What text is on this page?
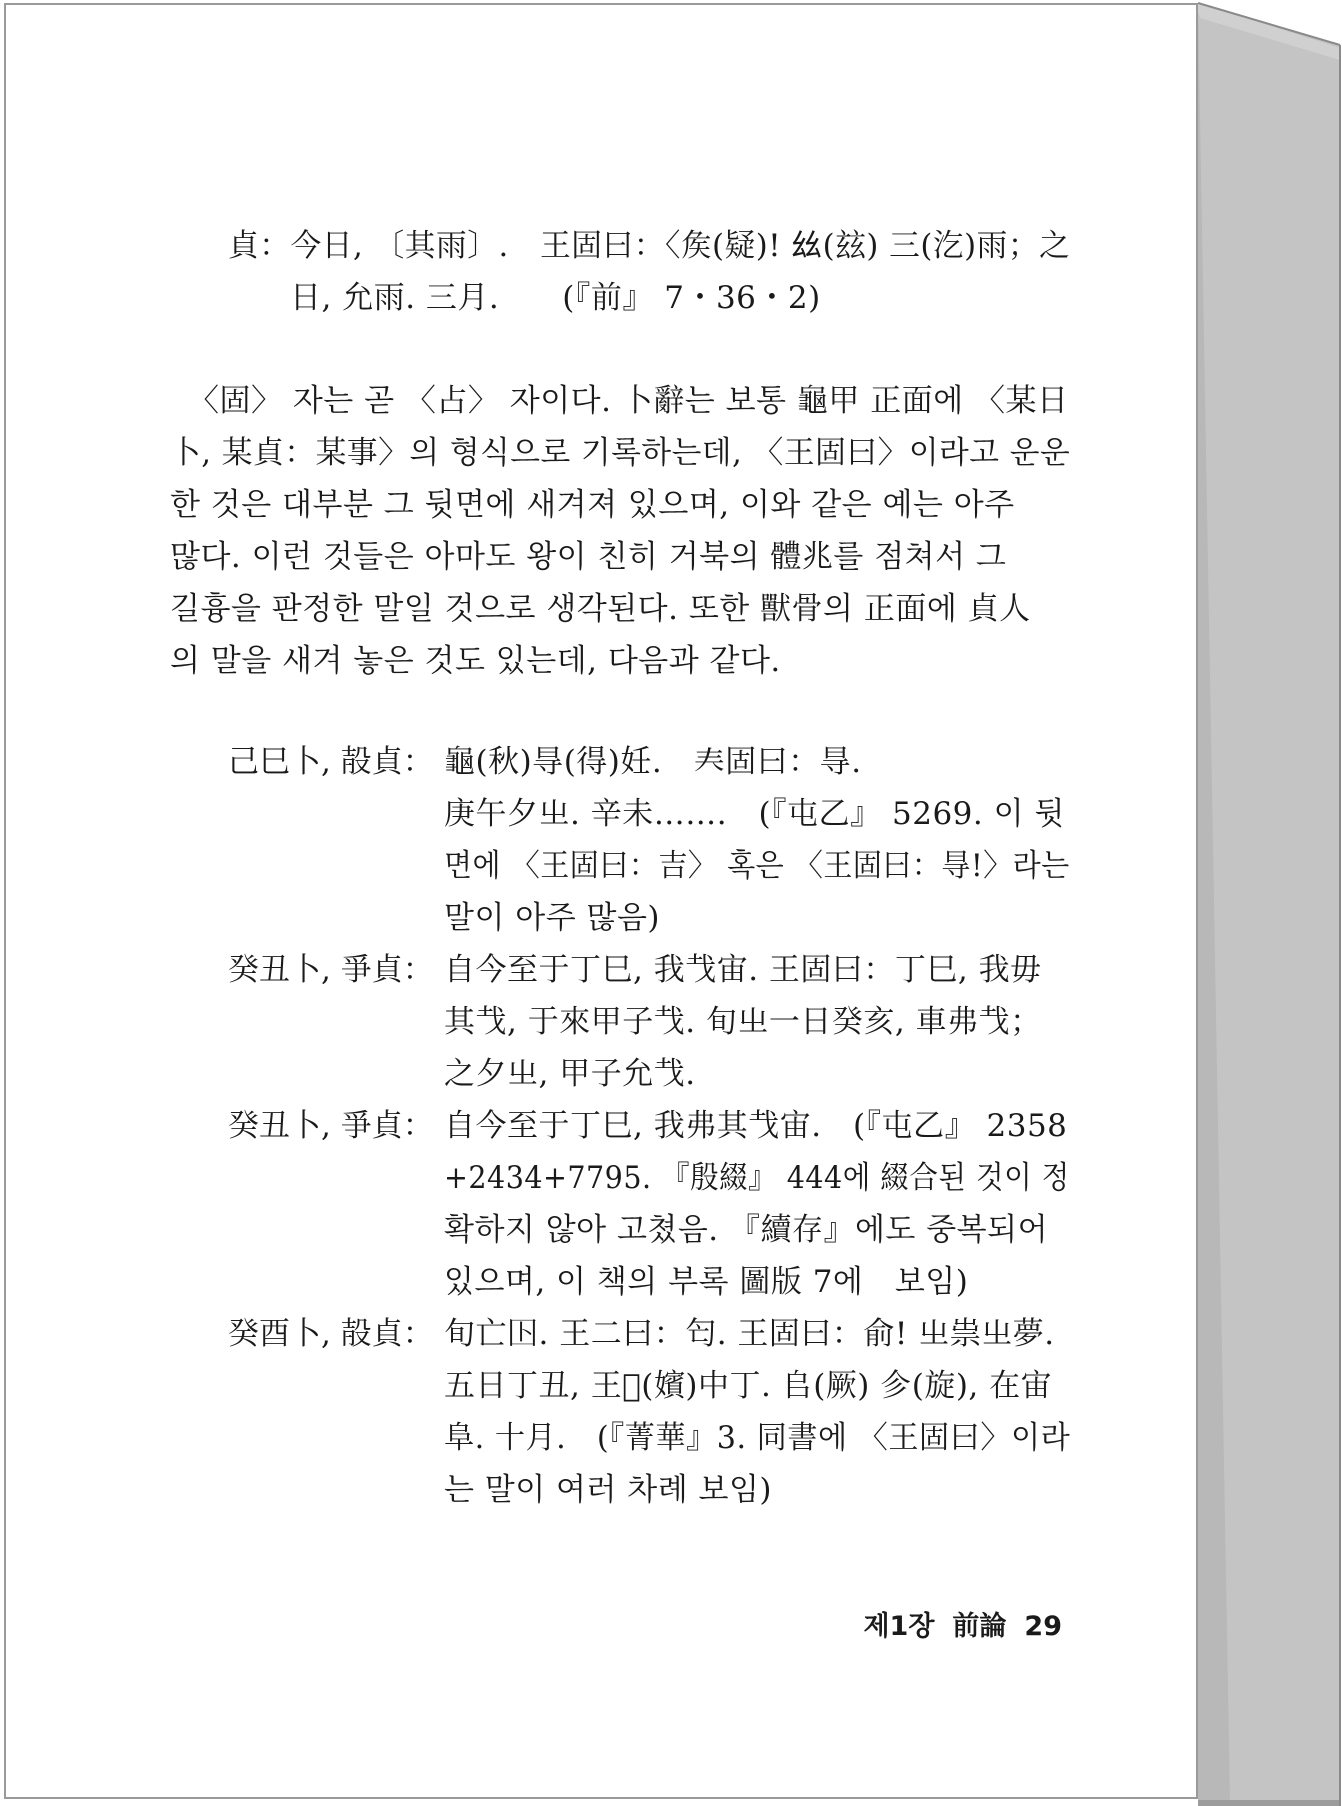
貞：今日, 〔其雨〕.　王固曰：〈矦(疑)! 𢆶(玆) 三(汔)雨；之
日, 允雨. 三月.　　(『前』 7・36・2)
〈固〉 자는 곧 〈占〉 자이다. 卜辭는 보통 龜甲 正面에 〈某日
卜, 某貞：某事〉의 형식으로 기록하는데, 〈王固曰〉이라고 운운
한 것은 대부분 그 뒷면에 새겨져 있으며, 이와 같은 예는 아주
많다. 이런 것들은 아마도 왕이 친히 거북의 體兆를 점쳐서 그
길흉을 판정한 말일 것으로 생각된다. 또한 獸骨의 正面에 貞人
의 말을 새겨 놓은 것도 있는데, 다음과 같다.
己巳卜, 㱿貞： 龜(秋)㝵(得)妊.　𡗗固曰：㝵.
庚午夕㞢. 辛未…….　(『屯乙』 5269. 이 뒷
면에 〈王固曰：吉〉 혹은 〈王固曰：㝵!〉라는
말이 아주 많음)
癸丑卜, 爭貞： 自今至于丁巳, 我𢦏宙. 王固曰：丁巳, 我毋
其𢦏, 于來甲子𢦏. 旬㞢一日癸亥, 車弗𢦏；
之夕㞢, 甲子允𢦏.
癸丑卜, 爭貞： 自今至于丁巳, 我弗其𢦏宙.　(『屯乙』 2358
+2434+7795. 『殷綴』 444에 綴合된 것이 정
확하지 않아 고쳤음. 『續存』에도 중복되어
있으며, 이 책의 부록 圖版 7에　보임)
癸酉卜, 㱿貞： 旬亡𡆥. 王二曰：匄. 王固曰：俞! 㞢祟㞢夢.
五日丁丑, 王𡧊(嬪)中丁. 𠂤(厥) 㐱(旋), 在宙
阜. 十月.　(『菁華』3. 同書에 〈王固曰〉이라
는 말이 여러 차례 보임)
제1장 前論 29
